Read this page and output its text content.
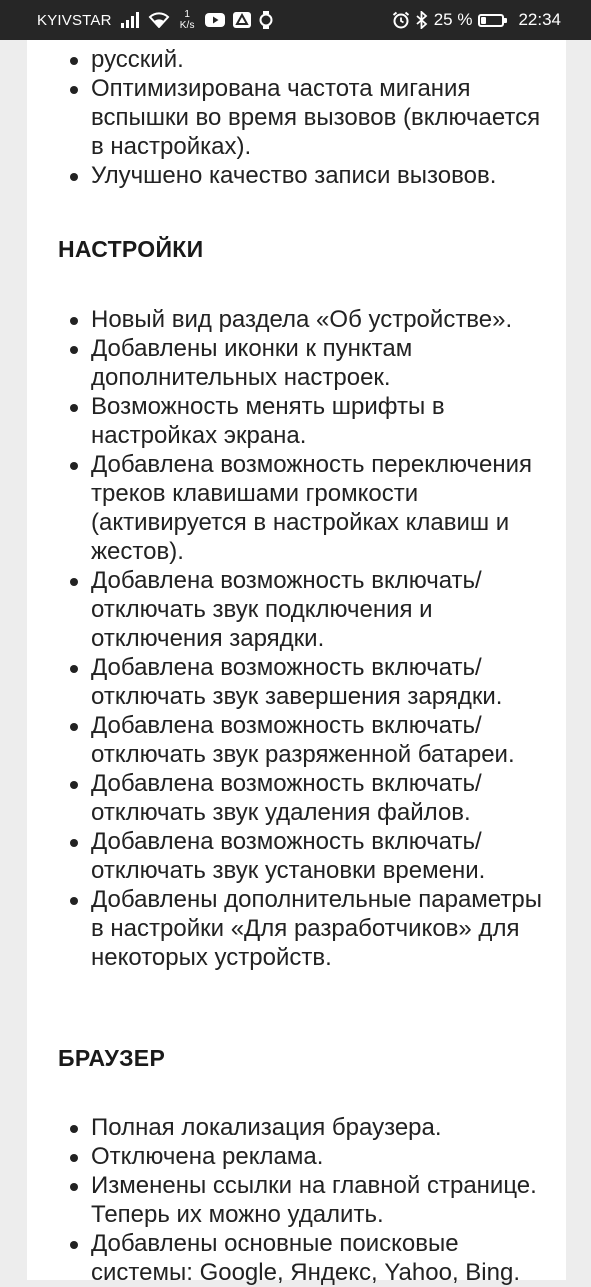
KYIVSTAR	1
K/s	25 %	22:34
русский.
Оптимизирована частота мигания вспышки во время вызовов (включается в настройках).
Улучшено качество записи вызовов.
НАСТРОЙКИ
Новый вид раздела «Об устройстве».
Добавлены иконки к пунктам дополнительных настроек.
Возможность менять шрифты в настройках экрана.
Добавлена возможность переключения треков клавишами громкости (активируется в настройках клавиш и жестов).
Добавлена возможность включать/ отключать звук подключения и отключения зарядки.
Добавлена возможность включать/ отключать звук завершения зарядки.
Добавлена возможность включать/ отключать звук разряженной батареи.
Добавлена возможность включать/ отключать звук удаления файлов.
Добавлена возможность включать/ отключать звук установки времени.
Добавлены дополнительные параметры в настройки «Для разработчиков» для некоторых устройств.
БРАУЗЕР
Полная локализация браузера.
Отключена реклама.
Изменены ссылки на главной странице. Теперь их можно удалить.
Добавлены основные поисковые системы: Google, Яндекс, Yahoo, Bing.
